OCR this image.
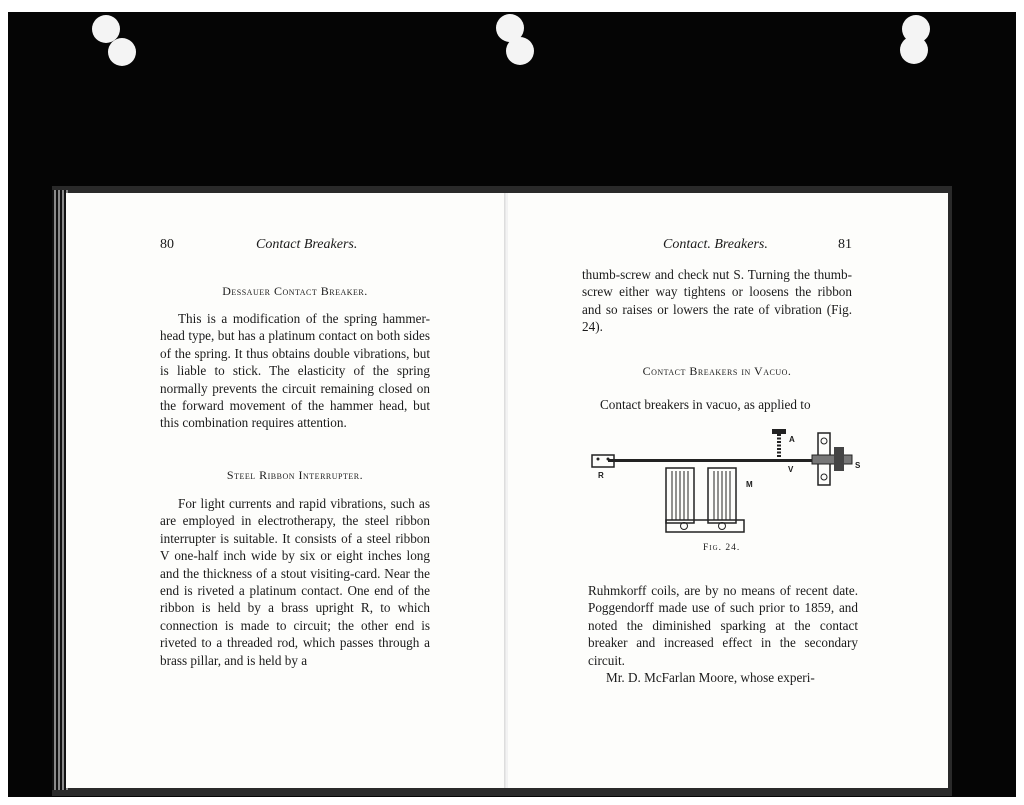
80	Contact Breakers.
Dessauer Contact Breaker.

This is a modification of the spring hammer-head type, but has a platinum contact on both sides of the spring. It thus obtains double vibrations, but is liable to stick. The elasticity of the spring normally prevents the circuit remaining closed on the forward movement of the hammer head, but this combination requires attention.

Steel Ribbon Interrupter.

For light currents and rapid vibrations, such as are employed in electrotherapy, the steel ribbon interrupter is suitable. It consists of a steel ribbon V one-half inch wide by six or eight inches long and the thickness of a stout visiting-card. Near the end is riveted a platinum contact. One end of the ribbon is held by a brass upright R, to which connection is made to circuit; the other end is riveted to a threaded rod, which passes through a brass pillar, and is held by a

Contact. Breakers.	81

thumb-screw and check nut S. Turning the thumb-screw either way tightens or loosens the ribbon and so raises or lowers the rate of vibration (Fig. 24).

Contact Breakers in Vacuo.

Contact breakers in vacuo, as applied to

A
V	S
R
M
Fig. 24.

Ruhmkorff coils, are by no means of recent date. Poggendorff made use of such prior to 1859, and noted the diminished sparking at the contact breaker and increased effect in the secondary circuit.

Mr. D. McFarlan Moore, whose experi-
